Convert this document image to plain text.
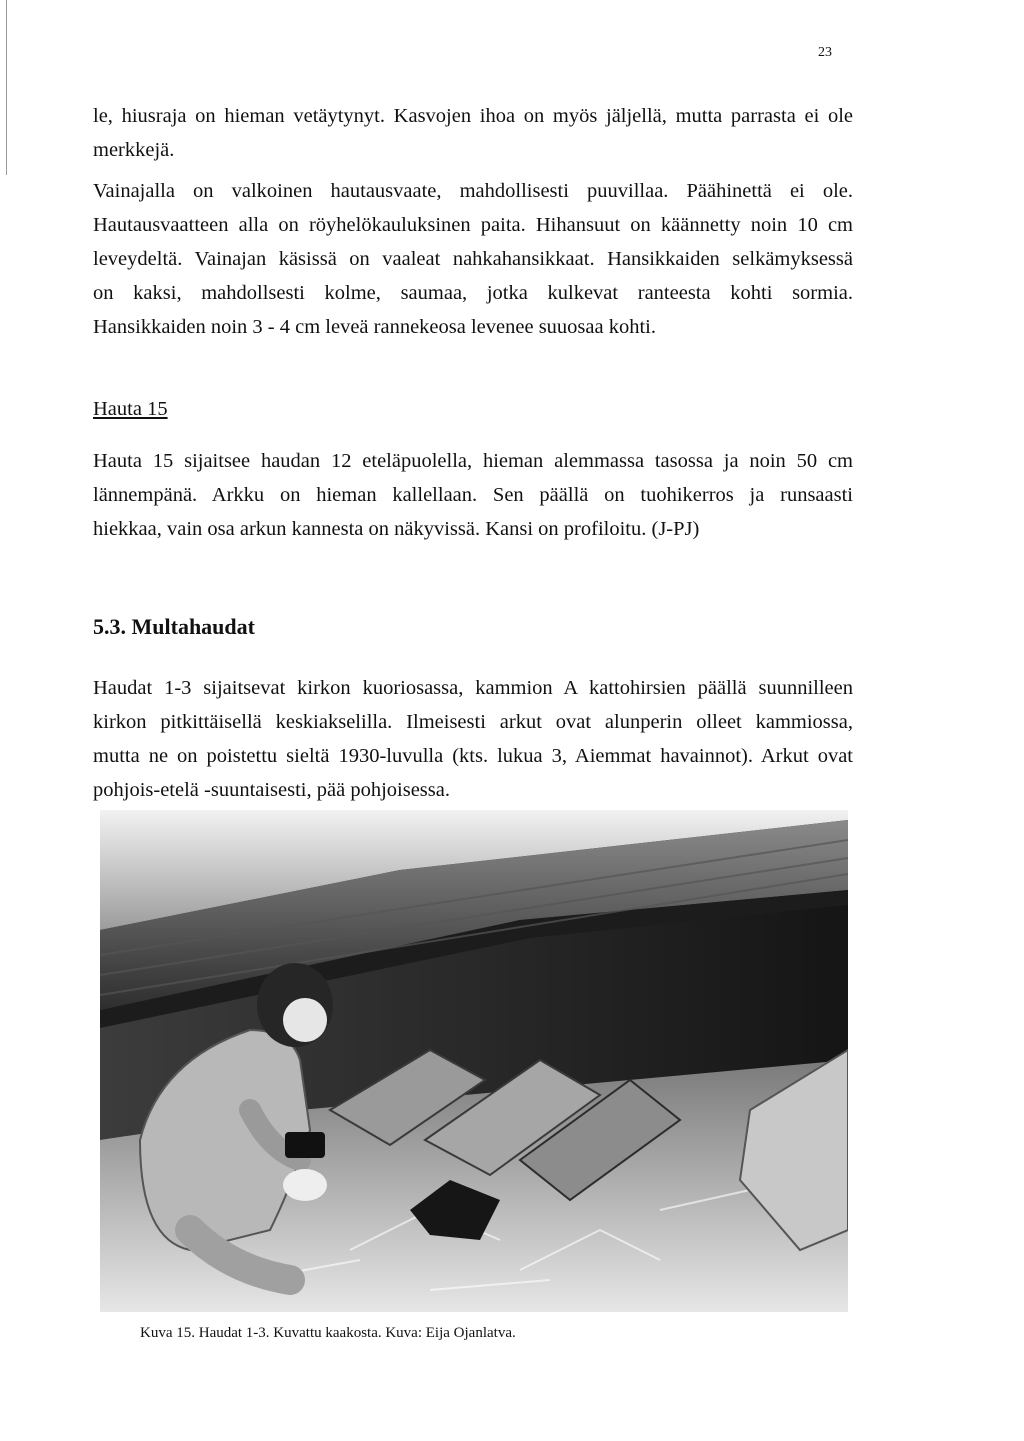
23

le, hiusraja on hieman vetäytynyt. Kasvojen ihoa on myös jäljellä, mutta parrasta ei ole
merkkejä.

Vainajalla on valkoinen hautausvaate, mahdollisesti puuvillaa. Päähinettä ei ole.
Hautausvaatteen alla on röyhelökauluksinen paita. Hihansuut on käännetty noin 10 cm
leveydeltä. Vainajan käsissä on vaaleat nahkahansikkaat. Hansikkaiden selkämyksessä
on kaksi, mahdollsesti kolme, saumaa, jotka kulkevat ranteesta kohti sormia.
Hansikkaiden noin 3 - 4 cm leveä rannekeosa levenee suuosaa kohti.

Hauta 15

Hauta 15 sijaitsee haudan 12 eteläpuolella, hieman alemmassa tasossa ja noin 50 cm
lännempänä. Arkku on hieman kallellaan. Sen päällä on tuohikerros ja runsaasti
hiekkaa, vain osa arkun kannesta on näkyvissä. Kansi on profiloitu. (J-PJ)

5.3. Multahaudat

Haudat 1-3 sijaitsevat kirkon kuoriosassa, kammion A kattohirsien päällä suunnilleen
kirkon pitkittäisellä keskiakselilla. Ilmeisesti arkut ovat alunperin olleet kammiossa,
mutta ne on poistettu sieltä 1930-luvulla (kts. lukua 3, Aiemmat havainnot). Arkut ovat
pohjois-etelä -suuntaisesti, pää pohjoisessa.

Kuva 15. Haudat 1-3. Kuvattu kaakosta. Kuva: Eija Ojanlatva.
